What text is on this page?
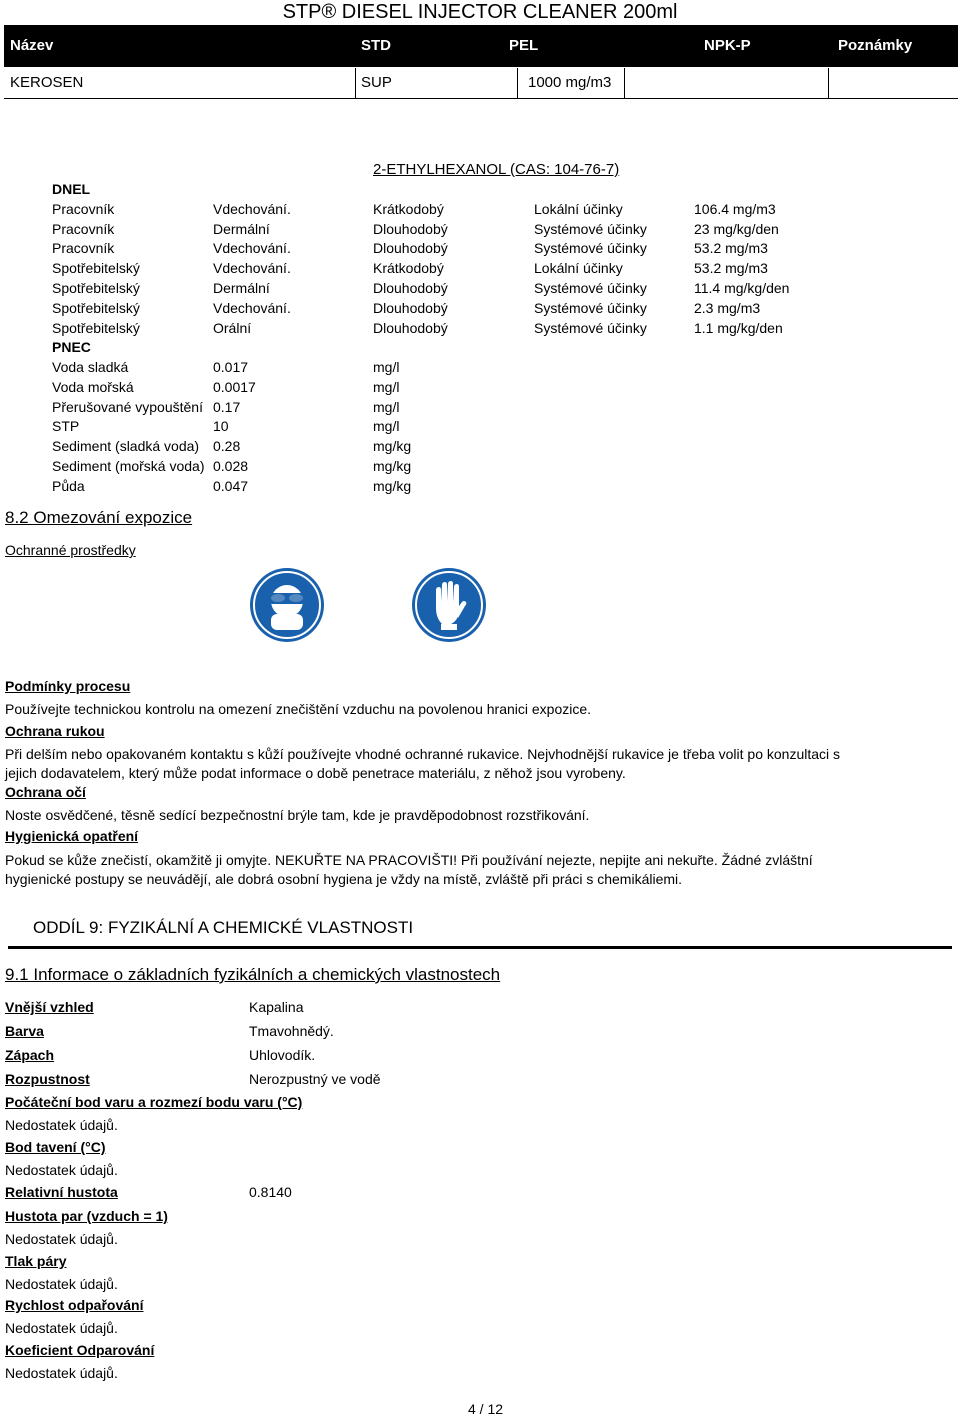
STP® DIESEL INJECTOR CLEANER 200ml
Název	STD	PEL	NPK-P	Poznámky
KEROSEN	SUP	1000 mg/m3
2-ETHYLHEXANOL (CAS: 104-76-7)
DNEL
Pracovník	Vdechování.	Krátkodobý	Lokální účinky	106.4 mg/m3
Pracovník	Dermální	Dlouhodobý	Systémové účinky	23 mg/kg/den
Pracovník	Vdechování.	Dlouhodobý	Systémové účinky	53.2 mg/m3
Spotřebitelský	Vdechování.	Krátkodobý	Lokální účinky	53.2 mg/m3
Spotřebitelský	Dermální	Dlouhodobý	Systémové účinky	11.4 mg/kg/den
Spotřebitelský	Vdechování.	Dlouhodobý	Systémové účinky	2.3 mg/m3
Spotřebitelský	Orální	Dlouhodobý	Systémové účinky	1.1 mg/kg/den
PNEC
Voda sladká	0.017	mg/l
Voda mořská	0.0017	mg/l
Přerušované vypouštění 0.17	mg/l
STP	10	mg/l
Sediment (sladká voda) 0.28	mg/kg
Sediment (mořská voda) 0.028	mg/kg
Půda	0.047	mg/kg
8.2 Omezování expozice
Ochranné prostředky
Podmínky procesu
Používejte technickou kontrolu na omezení znečištění vzduchu na povolenou hranici expozice.
Ochrana rukou
Při delším nebo opakovaném kontaktu s kůží používejte vhodné ochranné rukavice. Nejvhodnější rukavice je třeba volit po konzultaci s
jejich dodavatelem, který může podat informace o době penetrace materiálu, z něhož jsou vyrobeny.
Ochrana očí
Noste osvědčené, těsně sedící bezpečnostní brýle tam, kde je pravděpodobnost rozstřikování.
Hygienická opatření
Pokud se kůže znečistí, okamžitě ji omyjte. NEKUŘTE NA PRACOVIŠTI! Při používání nejezte, nepijte ani nekuřte. Žádné zvláštní
hygienické postupy se neuvádějí, ale dobrá osobní hygiena je vždy na místě, zvláště při práci s chemikáliemi.
ODDÍL 9: FYZIKÁLNÍ A CHEMICKÉ VLASTNOSTI
9.1 Informace o základních fyzikálních a chemických vlastnostech
Vnější vzhled	Kapalina
Barva	Tmavohnědý.
Zápach	Uhlovodík.
Rozpustnost	Nerozpustný ve vodě
Počáteční bod varu a rozmezí bodu varu (°C)
Nedostatek údajů.
Bod tavení (°C)
Nedostatek údajů.
Relativní hustota	0.8140
Hustota par (vzduch = 1)
Nedostatek údajů.
Tlak páry
Nedostatek údajů.
Rychlost odpařování
Nedostatek údajů.
Koeficient Odparování
Nedostatek údajů.
4 / 12
